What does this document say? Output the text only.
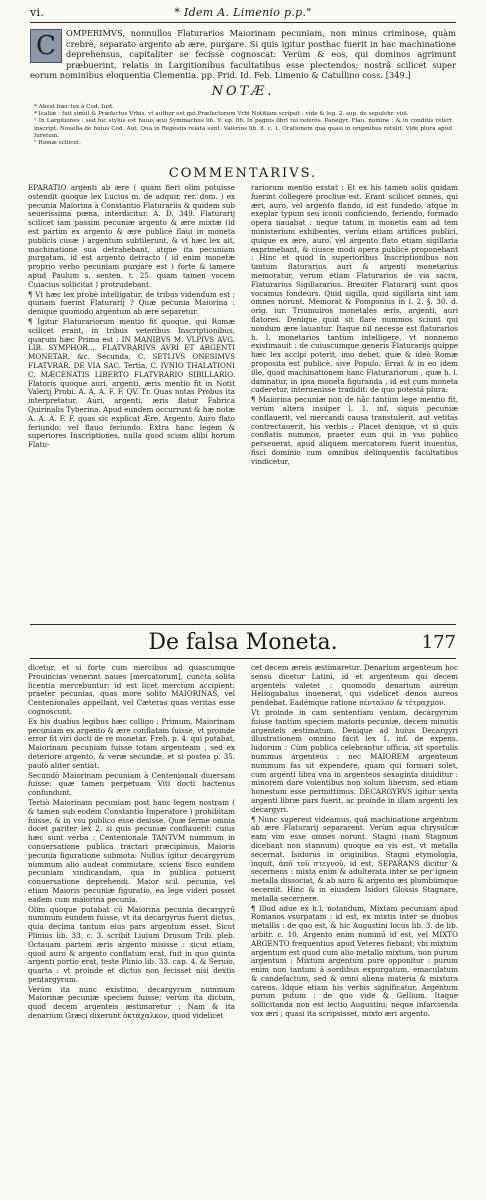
vi.	* Idem A. Limenio p.p."
C	OMPERIMVS, nonnullos Flaturarios Maiorinam pecuniam, non minus criminose, quàm crebrè, separato argento ab ære, purgare. Si quis igitur posthac fuerit in hac machinatione deprehensus, capitaliter se fecisse cognoscat: Verùm & eos, qui dominos agrimunt præbuerint, relatis in Largitionibus facultatibus esse plectendos; nostrâ scilicet super eorum nominibus eloquentia Clementia. pp. Prid. Id. Feb. Limenio & Catullino coss. [349.]
NOTÆ.
* Abest hæc lex à Cod. Iust.
* Icaliæ : fuit simul & Præfectus Vrbis, vt author est qui Præfectorum Vrbi Notitiam scripsit : vide & leg. 2. sup. de sepulchr. viol.
" In Largitiones : sed hic stylus est huius æui Symmachus lib. 9. ep. 86. In pagnis libri tui referos. Panegyr. Flau. nomine : & in conditis refert inscript. Nouella de huius Cod. Aut. Qua in Regestis relata sunt. Valerius lib. 8. c. 1. Orationem qua quasi in originibus retulit. Vide plura apud Iuretum.
" Romæ scilicet.
COMMENTARIVS.
EPARATIO argenti ab ære ( quam fieri olim potuisse ostendit quoque lex Lucius m. de adquir. rer. dom. ) ex pecunia Maiorina à Constantio Flaturariis & quidem sub seuerissima pœna, interdicitur. A. D. 349. Flaturarij scilicet iam passim pecuniæ argento & ære mixtæ (id est partim ex argento & ære publicè flaui in moneta publicis cusæ ) argentum subtilerunt, & vt hæc lex ait, machinatione sua detrahebant, atque ita pecuniam purgatam, id est argento detracto ( id enim monetæ proprio verbo pecuniam purgare est ) forte & iamere apud Paulum s. senten. t. 25. quam tamen vocem Cuiacius sollicitat ) protrudebant.
¶ Vt hæc lex probè intelligatur, de tribus videndum est ; quinam fuerint Flaturarij ? Quæ pecunia Maiorina : denique quomodo argentum ab ære separetur.
¶ Igitur Flaturariorum mentio fit quoque, qui Romæ scilicet erant, in tribus veteribus Inscriptionibus, quarum hæc Prima est : IN MANIBVS M. VLPIVS AVG. LIB. SYMPHOR.... FLATVRARIVS AVRI ET ARGENTI MONETAR. &c. Secunda, C. SETLIVS ONESIMVS FLATVRAR. DE VIA SAC. Tertia, C. IVNIO THALATIONI C. MÆCENATIS LIBERTO FLATVRARIO SIBILLARIO. Flatoris quoque auri, argenti, æris mentio fit in Notit Valerij Probi. A. A. A. F. F. QV. Tr. Quas notas Probus ita interpretatur, Auri, argenti, æris flatur Fabrica Quirinalis Tyberina. Apud eundem occurrunt & hæ notæ A. A. A. F. F. quas sic explicat Ære, Argento, Auro flato feriundo: vel flauo feriundo. Extra hanc legem & superiores Inscriptiones, nulla quod sciam alibi horum Flatu-
rariorum mentio exstat : Et ex his tamen solis quidam fuerint collegere procliue est. Erant scilicet omnes, qui æri, auro, vel argento flando, id est fundedo, atque in exeplar typum seu iconii conficiendo, feriendo, formado opera nauabat : neque tatum in monetis eam ad tem ministerium exhibentes, verùm etiam artifices publici, quique ex ære, auro, vel argento flato etiam sigillaria exprimebant, & ciusce modi opera publicè proponebant : Hinc et quod in superioribus Inscriptionibus non tantum flaturarius auri & argenti monetarius memoratur, verum etiam Flaturarius de via sacra, Flaturarius Sigillararius. Breuiter Flaturarij sunt quos vocamus fondeurs. Quid sigilla, quid sigillaria sint iam omnes norunt. Memorat & Pomponius in l. 2. §. 30. d. orig. iur. Triumuiros monetales æris, argenti, auri flatores. Denique quid sit flare nummos sciunt qui nondum ære lauantur. Itaque nil necesse est flaturarios h. l. monetarios tantùm intelligere, vt nonnemo existimauit : de cuiuscumque generis Flaturarijs quippe hæc lex accipi poterit, imo debet, quæ & ideò Romæ proposita est publicè, sive Populo. Errat & in eo idem ille, quod machinationem hanc Flaturariorum , quæ h. l. damnatur, in ipsa moneta figuranda , id est cum moneta cuderetur, interuenisse tradidit: de quo potestâ plura.
¶ Maiorina pecuniæ non de hâc tantùm lege mentio fit, verùm altera insuper l. 1. inf. siquis pecuniæ conflauerit, vel mercandi causa transtulerit, aut vetitas contrectauerit, his verbis : Placet denique, vt si quis conflatis nummos, praeter eum qui in vsu publico perseuerat, apud aliquem mercatorem fuerit inuentus, fisci dominio cum omnibus delinquentis facultatibus vindicetur,
De falsa Moneta.	177
dicetur, et si forte cum mercibus ad quascumque Prouincias venerint naues [mercatorum], cuncta solita licentia mercebuntur: id est licet mercium accipient: praeter pecunias, quas more solito MAIORINAS, vel Centenionales appellant, vel Cæteras quas veritas esse cognoscunt.
Ex his duabus legibus hæc colligo : Primum, Maiorinam pecuniam ex argento & ære conflatam fuisse, vt proinde error fit viri docti de re monetar. Freh. p. 4. qui putabat, Maiorinam pecuniam fuisse totam argenteam , sed ex deteriore argento, & veræ secundæ, et si postea p. 35. paulò aliter sentiat.
Secundò Maiorinam pecuniam à Centenionali diuersam fuisse: quæ tamen perpetuam Viti docti hactenus confundunt.
Tertiò Maiorinam pecuniam post hanc legem nostram ( & tamen sub eodem Constantio Imperatore ) prohibitam fuisse, & in vsu publico esse desisse. Quæ ferme omnia docet pariter lex 2. si quis pecuniæ conflauerit: cuius hæc sunt verba : Centenionale TANTVM nummum in conuersatione publica tractari præcipimus, Maioris pecunia figuratione submota: Nullus igitur decargyrum nummum alio audeat commutare, sciens fisco eundem pecuniam vindicandam, qua in publica potuerit conuersatione deprehendi. Maior scil. pecunia, vel etiam Maioris pecuniæ figuratio, ea lege videri posset eadem cum maiorina pecunia.
Olim quoque putabat cū Maiorina pecunia decargyrū nummum eundem fuisse, vt ita decargyrus fuerit dictus, quia decima tantum eius pars argentum esset. Sicut Plinius lib. 33. c. 3. scribit Liuium Drusum Trib. pleb. Octauam partem æris argento misisse : sicut etiam, quod auro & argento conflatum erat, fuit in quo quinta argenti portio erat, teste Plinio lib. 33. cap. 4. & Seruio, quarta : vt proinde et dictus non fecisset nisi dextis pentargyrum.
Verùm ita nunc existimo, decargyrum nummum Maiorinæ pecuniæ speciem fuisse; verùm ita dictum, quod decem argenteis æstimaretur : Nam & ita denarium Græci dixerunt ὀκτάχαλκον, quod videlicet
cet decem æreis æstimaretur. Denarium argenteum hoc sensu dicetur Latini, id et argenteum qui decem argenteis valetet : quomodo denarium aureum Heliogabalus inuenerat, qui videlicet denos aureos pendebat. Eadémque ratione πένταλον & τέτραχμον.
Vt proinde in cam sententiam veniam, decargyrum fuisse tantùm speciem maioris pecuniæ, decem minutis argenteis æstimatum. Denique ad huius Decargyri illustrationem omnino facit lex 1. inf. de expens. ludorum : Cùm publica celebrantur officia, sit sportulis nummus argenteus : nec MAIOREM argenteum nummum fas sit expendere, quam qui formari solet, cum argenti libra vna in argenteos sexaginta diuiditur : minorem dare volentibus non solum liberum, sed etiam honestum esse permittimus. DECARGYRVS igitur sexta argenti libræ pars fuerit, ac proinde in illam argenti lex decargyri.
¶ Nunc superest videamus, quâ machinatione argentum ab ære Flaturarij separarent. Verùm aqua chrysulcæ eam vim esse omnes norunt. Stagni (nam Stagnum dicebant non stannum) quoque ea vis est, vt metalla secernat. Isidorus in originibus. Stagni etymologia, inquit, ἀπὸ τοῦ στεγνοῦ, id est, SEPARANS dicitur & secernens : mixta enim & adulterata inter se per ignem metalla dissociat, & ab auro & argento æs plumbùmque secernit. Hinc & in eiusdem Isidori Glossis Stagnare, metalla secernere.
¶ Illud adue ex h.l. notandum, Mixtam pecuniam apud Romanos vsurpatam : id est, ex mixtis inter se duobus metallis : de quo est, & hic Augustini locus lib. 3. de lib. arbitr. c. 10. Argento enim nummū id est, vel MIXTO ARGENTO frequentius apud Veteres fiebant; vbi mixtum argentum est quod cum alio metallo mixtum, non purum argentum : Mixtum argentum pure opponitur : purum enim non tantum à sordibus expurgatum, emaculatum & candefactum, sed & omni aliena materia & mixtura carens. Idque etiam his verbis significatur, Argentum purum putum : de quo vide & Gellium. Itaque sollicitanda non est lectio Augustini; neque infarcienda vox æri ; quasi ita scripsisset, mixto æri argento.
